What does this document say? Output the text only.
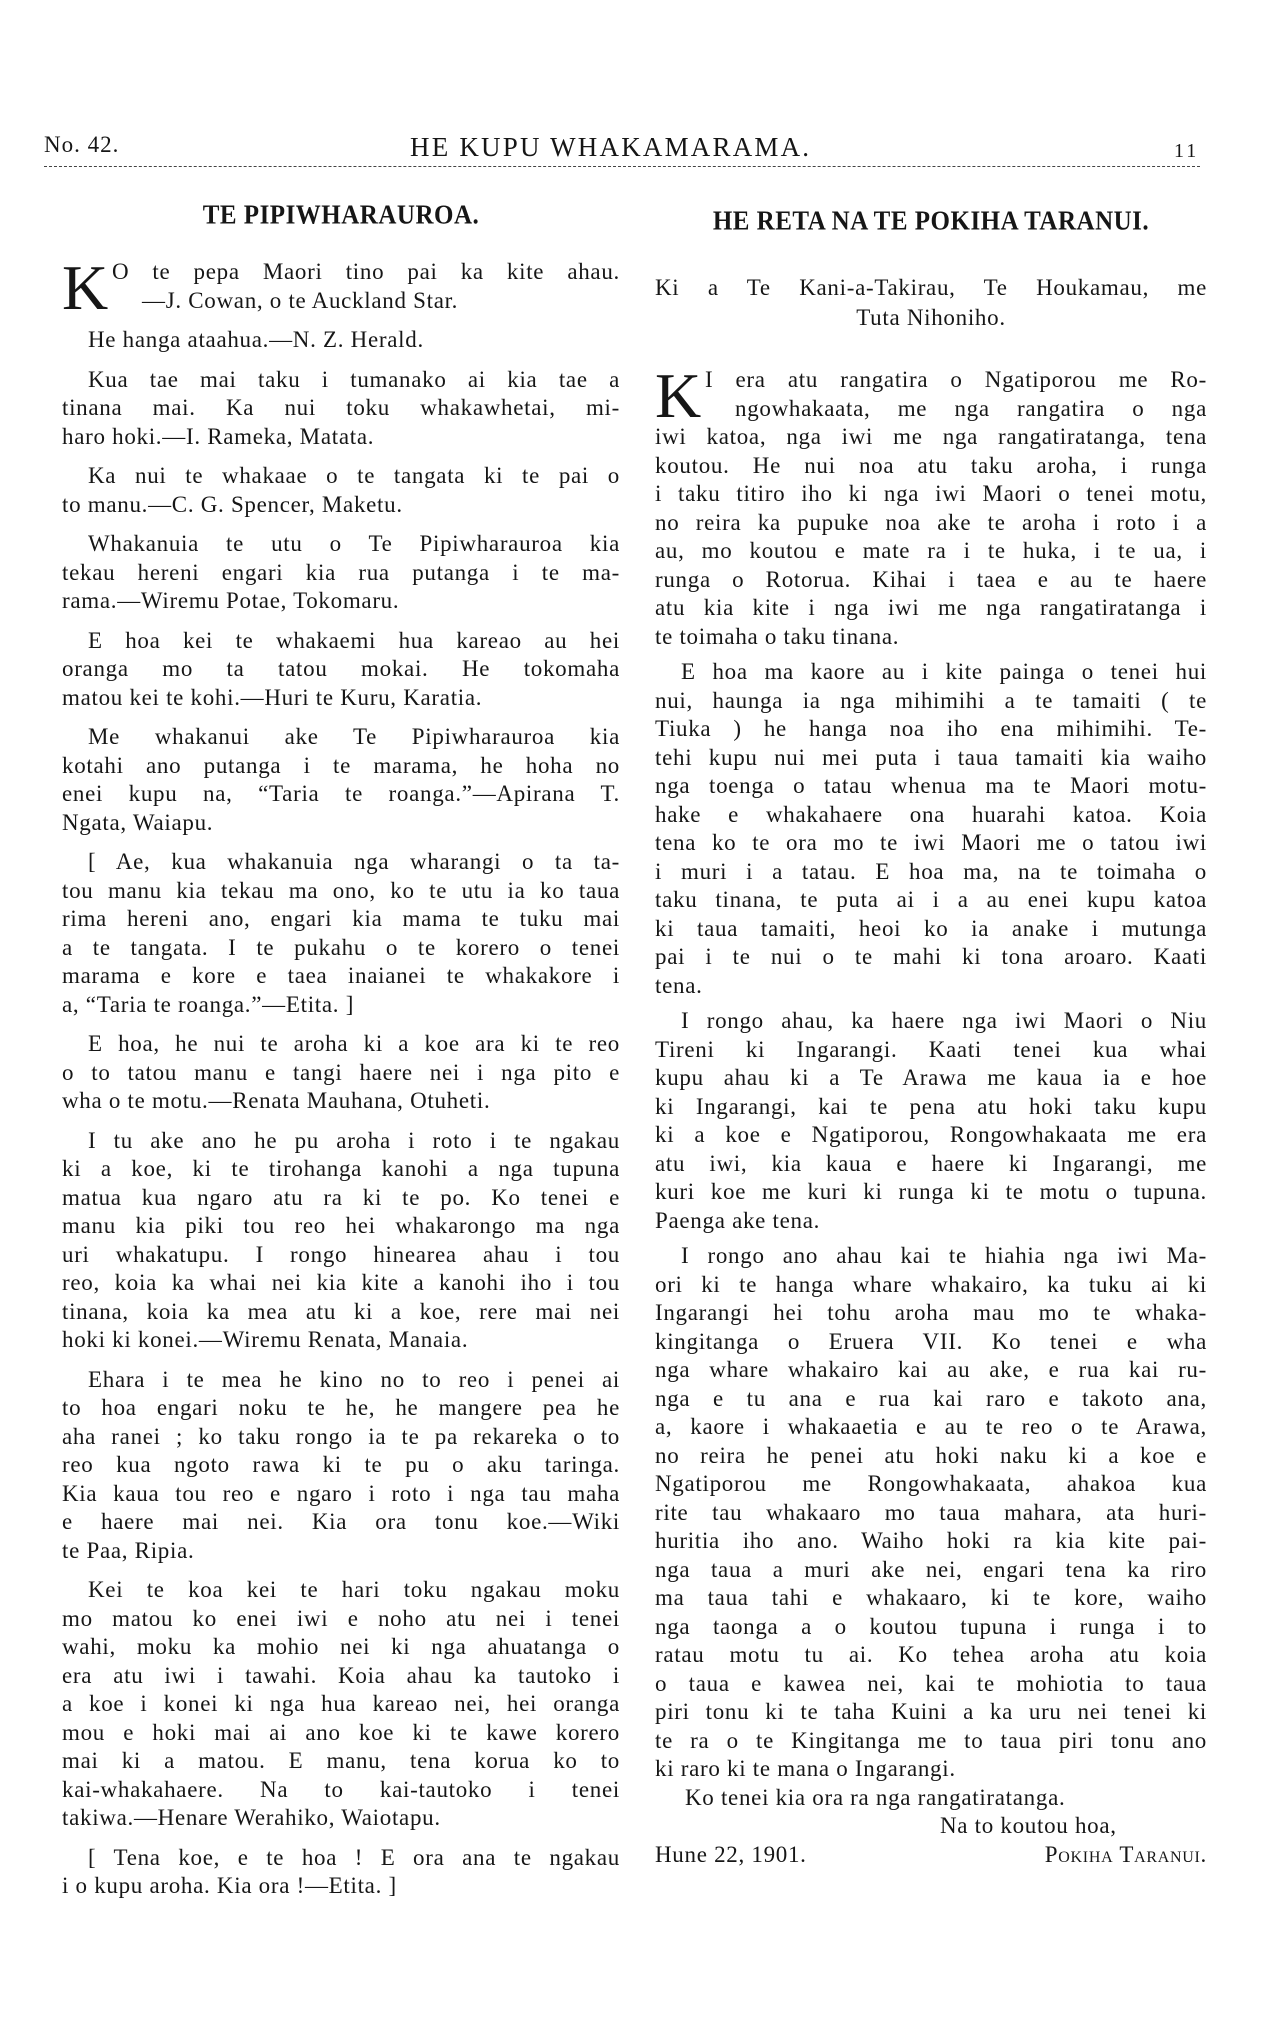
No. 42.	HE KUPU WHAKAMARAMA.	11
TE PIPIWHARAUROA.
K O te pepa Maori tino pai ka kite ahau.
—J. Cowan, o te Auckland Star.
He hanga ataahua.—N. Z. Herald.
Kua tae mai taku i tumanako ai kia tae a
tinana mai. Ka nui toku whakawhetai, mi-
haro hoki.—I. Rameka, Matata.
Ka nui te whakaae o te tangata ki te pai o
to manu.—C. G. Spencer, Maketu.
Whakanuia te utu o Te Pipiwharauroa kia
tekau hereni engari kia rua putanga i te ma-
rama.—Wiremu Potae, Tokomaru.
E hoa kei te whakaemi hua kareao au hei
oranga mo ta tatou mokai. He tokomaha
matou kei te kohi.—Huri te Kuru, Karatia.
Me whakanui ake Te Pipiwharauroa kia
kotahi ano putanga i te marama, he hoha no
enei kupu na, “Taria te roanga.”—Apirana T.
Ngata, Waiapu.
[ Ae, kua whakanuia nga wharangi o ta ta-
tou manu kia tekau ma ono, ko te utu ia ko taua
rima hereni ano, engari kia mama te tuku mai
a te tangata. I te pukahu o te korero o tenei
marama e kore e taea inaianei te whakakore i
a, “Taria te roanga.”—Etita. ]
E hoa, he nui te aroha ki a koe ara ki te reo
o to tatou manu e tangi haere nei i nga pito e
wha o te motu.—Renata Mauhana, Otuheti.
I tu ake ano he pu aroha i roto i te ngakau
ki a koe, ki te tirohanga kanohi a nga tupuna
matua kua ngaro atu ra ki te po. Ko tenei e
manu kia piki tou reo hei whakarongo ma nga
uri whakatupu. I rongo hinearea ahau i tou
reo, koia ka whai nei kia kite a kanohi iho i tou
tinana, koia ka mea atu ki a koe, rere mai nei
hoki ki konei.—Wiremu Renata, Manaia.
Ehara i te mea he kino no to reo i penei ai
to hoa engari noku te he, he mangere pea he
aha ranei ; ko taku rongo ia te pa rekareka o to
reo kua ngoto rawa ki te pu o aku taringa.
Kia kaua tou reo e ngaro i roto i nga tau maha
e haere mai nei. Kia ora tonu koe.—Wiki
te Paa, Ripia.
Kei te koa kei te hari toku ngakau moku
mo matou ko enei iwi e noho atu nei i tenei
wahi, moku ka mohio nei ki nga ahuatanga o
era atu iwi i tawahi. Koia ahau ka tautoko i
a koe i konei ki nga hua kareao nei, hei oranga
mou e hoki mai ai ano koe ki te kawe korero
mai ki a matou. E manu, tena korua ko to
kai-whakahaere. Na to kai-tautoko i tenei
takiwa.—Henare Werahiko, Waiotapu.
[ Tena koe, e te hoa ! E ora ana te ngakau
i o kupu aroha. Kia ora !—Etita. ]
HE RETA NA TE POKIHA TARANUI.
Ki a Te Kani-a-Takirau, Te Houkamau, me
Tuta Nihoniho.
K I era atu rangatira o Ngatiporou me Ro-
ngowhakaata, me nga rangatira o nga
iwi katoa, nga iwi me nga rangatiratanga, tena
koutou. He nui noa atu taku aroha, i runga
i taku titiro iho ki nga iwi Maori o tenei motu,
no reira ka pupuke noa ake te aroha i roto i a
au, mo koutou e mate ra i te huka, i te ua, i
runga o Rotorua. Kihai i taea e au te haere
atu kia kite i nga iwi me nga rangatiratanga i
te toimaha o taku tinana.
E hoa ma kaore au i kite painga o tenei hui
nui, haunga ia nga mihimihi a te tamaiti ( te
Tiuka ) he hanga noa iho ena mihimihi. Te-
tehi kupu nui mei puta i taua tamaiti kia waiho
nga toenga o tatau whenua ma te Maori motu-
hake e whakahaere ona huarahi katoa. Koia
tena ko te ora mo te iwi Maori me o tatou iwi
i muri i a tatau. E hoa ma, na te toimaha o
taku tinana, te puta ai i a au enei kupu katoa
ki taua tamaiti, heoi ko ia anake i mutunga
pai i te nui o te mahi ki tona aroaro. Kaati
tena.
I rongo ahau, ka haere nga iwi Maori o Niu
Tireni ki Ingarangi. Kaati tenei kua whai
kupu ahau ki a Te Arawa me kaua ia e hoe
ki Ingarangi, kai te pena atu hoki taku kupu
ki a koe e Ngatiporou, Rongowhakaata me era
atu iwi, kia kaua e haere ki Ingarangi, me
kuri koe me kuri ki runga ki te motu o tupuna.
Paenga ake tena.
I rongo ano ahau kai te hiahia nga iwi Ma-
ori ki te hanga whare whakairo, ka tuku ai ki
Ingarangi hei tohu aroha mau mo te whaka-
kingitanga o Eruera VII. Ko tenei e wha
nga whare whakairo kai au ake, e rua kai ru-
nga e tu ana e rua kai raro e takoto ana,
a, kaore i whakaaetia e au te reo o te Arawa,
no reira he penei atu hoki naku ki a koe e
Ngatiporou me Rongowhakaata, ahakoa kua
rite tau whakaaro mo taua mahara, ata huri-
huritia iho ano. Waiho hoki ra kia kite pai-
nga taua a muri ake nei, engari tena ka riro
ma taua tahi e whakaaro, ki te kore, waiho
nga taonga a o koutou tupuna i runga i to
ratau motu tu ai. Ko tehea aroha atu koia
o taua e kawea nei, kai te mohiotia to taua
piri tonu ki te taha Kuini a ka uru nei tenei ki
te ra o te Kingitanga me to taua piri tonu ano
ki raro ki te mana o Ingarangi.
Ko tenei kia ora ra nga rangatiratanga.
Na to koutou hoa,
Hune 22, 1901.	Pokiha Taranui.
